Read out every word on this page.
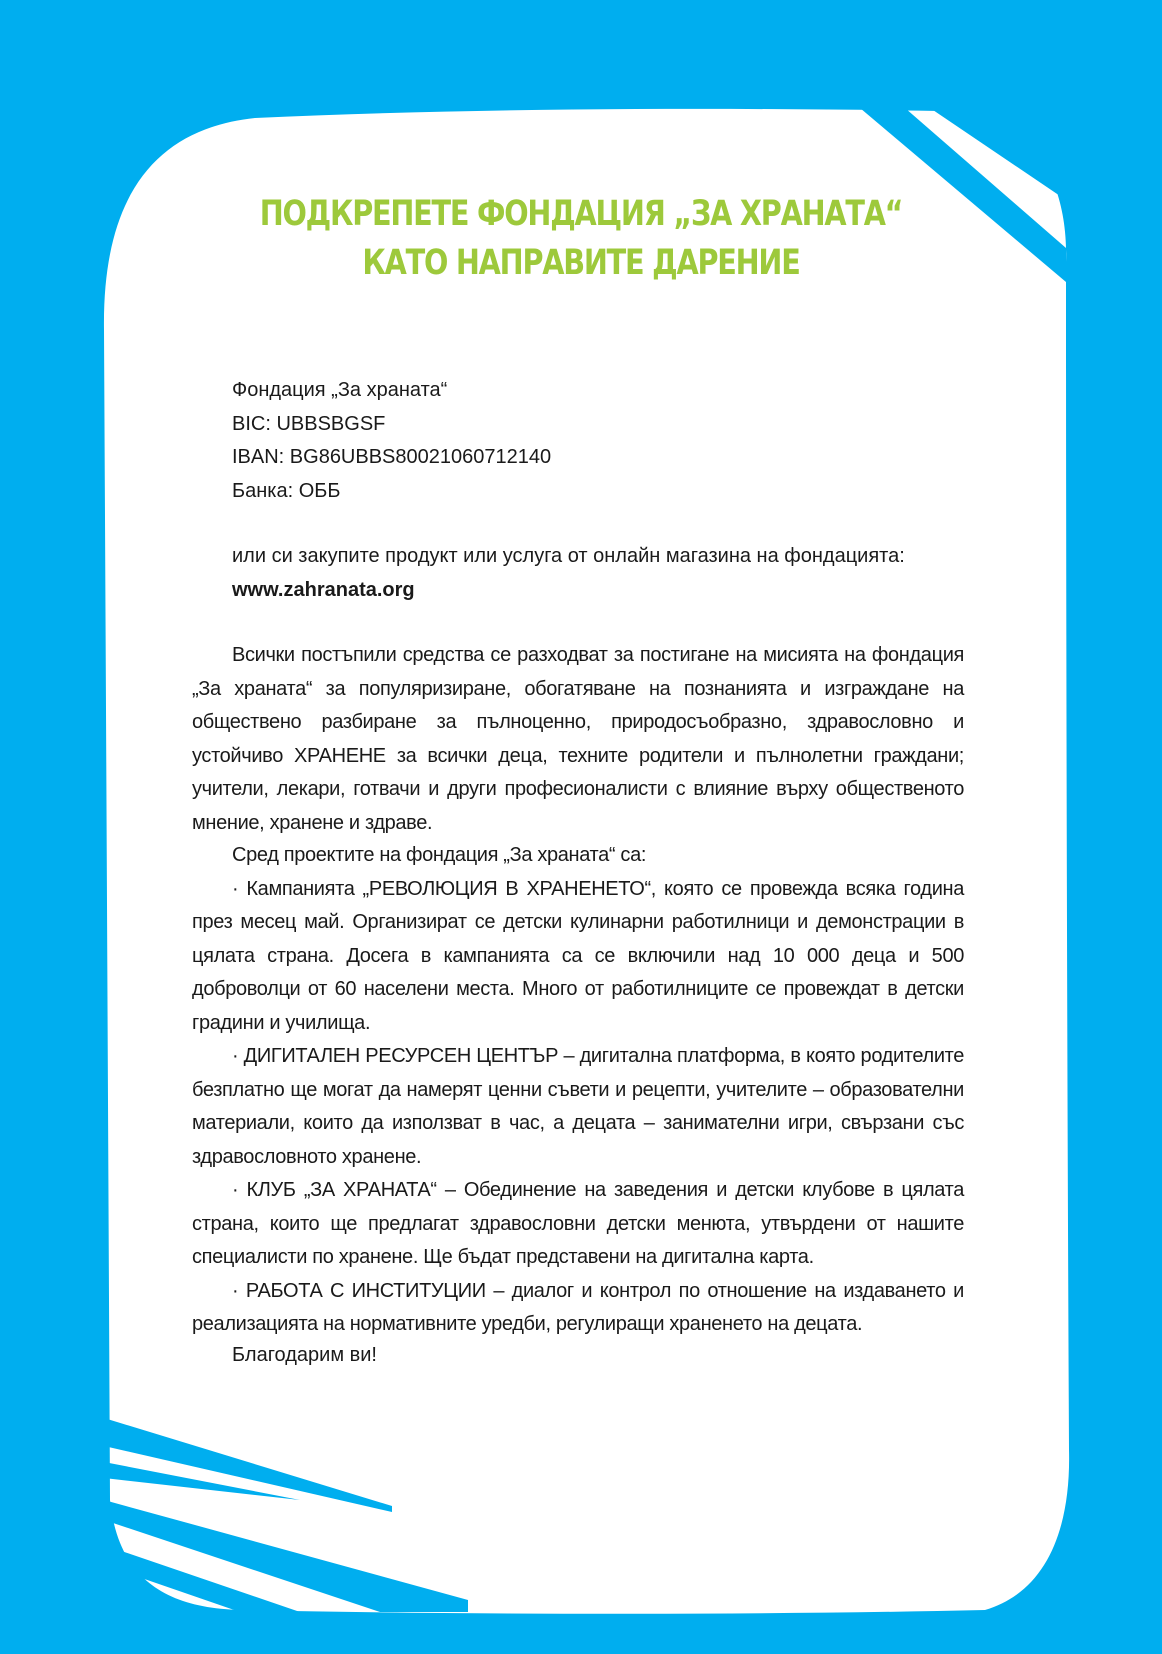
ПОДКРЕПЕТЕ ФОНДАЦИЯ „ЗА ХРАНАТА“
КАТО НАПРАВИТЕ ДАРЕНИЕ
Фондация „За храната“
BIC: UBBSBGSF
IBAN: BG86UBBS80021060712140
Банка: ОББ
или си закупите продукт или услуга от онлайн магазина на фондацията:
www.zahranata.org
Всички постъпили средства се разходват за постигане на мисията на фондация „За храната“ за популяризиране, обогатяване на познанията и изграждане на обществено разбиране за пълноценно, природосъобразно, здравословно и устойчиво ХРАНЕНЕ за всички деца, техните родители и пълнолетни граждани; учители, лекари, готвачи и други професионалисти с влияние върху общественото мнение, хранене и здраве.

Сред проектите на фондация „За храната“ са:

· Кампанията „РЕВОЛЮЦИЯ В ХРАНЕНЕТО“, която се провежда всяка година през месец май. Организират се детски кулинарни работилници и демонстрации в цялата страна. Досега в кампанията са се включили над 10 000 деца и 500 доброволци от 60 населени места. Много от работилниците се провеждат в детски градини и училища.

· ДИГИТАЛЕН РЕСУРСЕН ЦЕНТЪР – дигитална платформа, в която родителите безплатно ще могат да намерят ценни съвети и рецепти, учителите – образователни материали, които да използват в час, а децата – занимателни игри, свързани със здравословното хранене.

· КЛУБ „ЗА ХРАНАТА“ – Обединение на заведения и детски клубове в цялата страна, които ще предлагат здравословни детски менюта, утвърдени от нашите специалисти по хранене. Ще бъдат представени на дигитална карта.

· РАБОТА С ИНСТИТУЦИИ – диалог и контрол по отношение на издаването и реализацията на нормативните уредби, регулиращи храненето на децата.

Благодарим ви!
